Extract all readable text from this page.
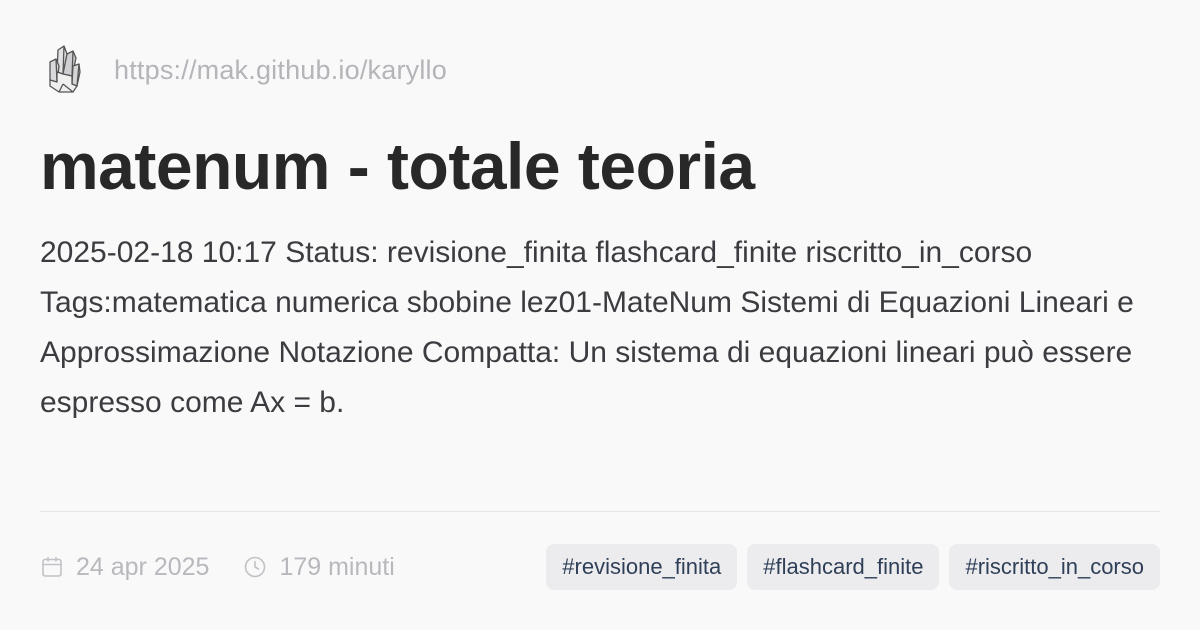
https://mak.github.io/karyllo
matenum - totale teoria
2025-02-18 10:17 Status: revisione_finita flashcard_finite riscritto_in_corso Tags:matematica numerica sbobine lez01-MateNum Sistemi di Equazioni Lineari e Approssimazione Notazione Compatta: Un sistema di equazioni lineari può essere espresso come Ax = b.
24 apr 2025	179 minuti	#revisione_finita	#flashcard_finite	#riscritto_in_corso
